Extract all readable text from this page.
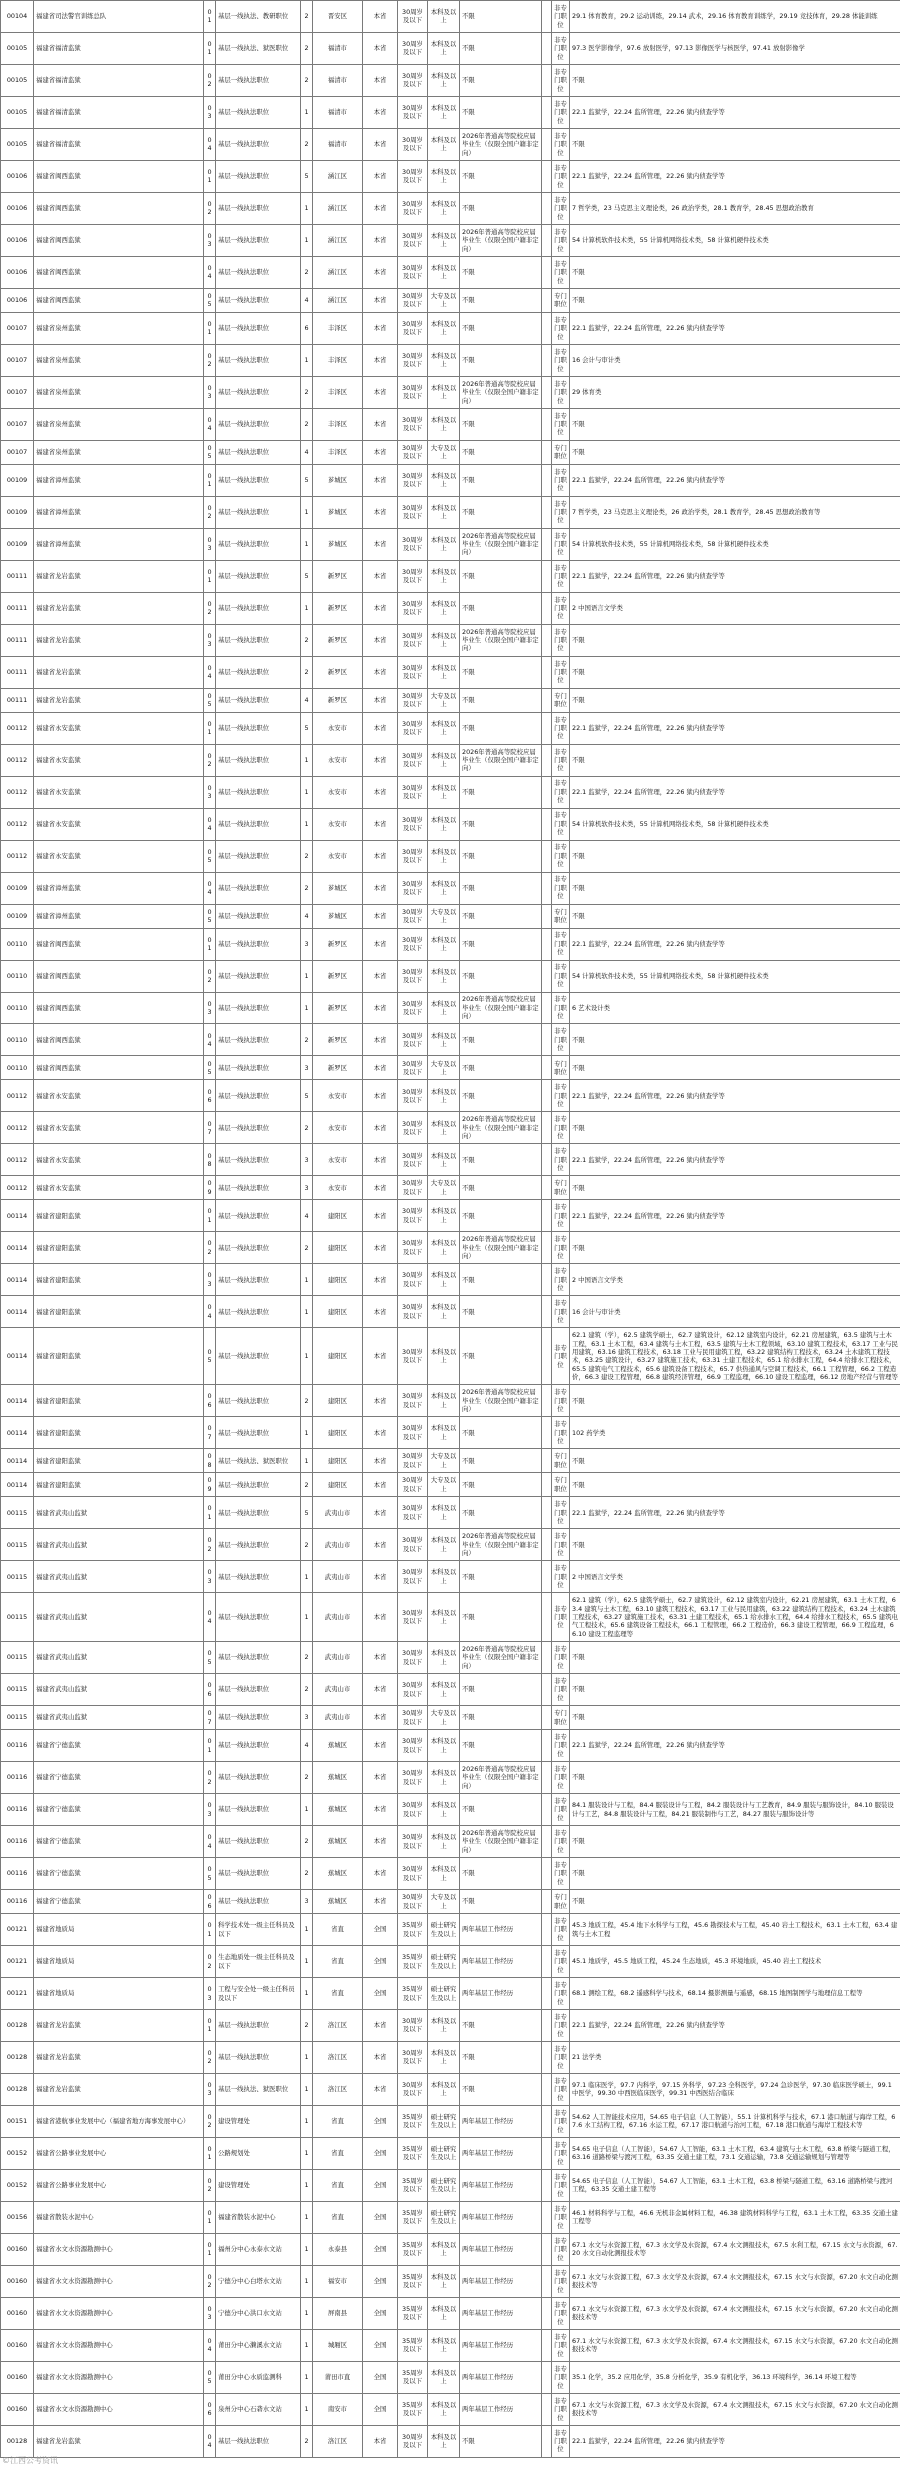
00104	福建省司法警官训练总队	01	基层一线执法、教研职位	2	晋安区	本省	30周岁及以下	本科及以上	不限		非专门职位	29.1 体育教育，29.2 运动训练，29.14 武术，29.16 体育教育训练学，29.19 竞技体育，29.28 体能训练
00105	福建省福清监狱	01	基层一线执法、狱医职位	2	福清市	本省	30周岁及以下	本科及以上	不限		非专门职位	97.3 医学影像学，97.6 放射医学，97.13 影像医学与核医学，97.41 放射影像学
00105	福建省福清监狱	02	基层一线执法职位	2	福清市	本省	30周岁及以下	本科及以上	不限		非专门职位	不限
00105	福建省福清监狱	03	基层一线执法职位	1	福清市	本省	30周岁及以下	本科及以上	不限		非专门职位	22.1 监狱学，22.24 监所管理，22.26 狱内侦查学等
00105	福建省福清监狱	04	基层一线执法职位	2	福清市	本省	30周岁及以下	本科及以上	2026年普通高等院校应届毕业生（仅限全国户籍非定向）		非专门职位	不限
00106	福建省闽西监狱	01	基层一线执法职位	5	涵江区	本省	30周岁及以下	本科及以上	不限		非专门职位	22.1 监狱学，22.24 监所管理，22.26 狱内侦查学等
00106	福建省闽西监狱	02	基层一线执法职位	1	涵江区	本省	30周岁及以下	本科及以上	不限		非专门职位	7 哲学类，23 马克思主义理论类，26 政治学类，28.1 教育学，28.45 思想政治教育
00106	福建省闽西监狱	03	基层一线执法职位	1	涵江区	本省	30周岁及以下	本科及以上	2026年普通高等院校应届毕业生（仅限全国户籍非定向）		非专门职位	54 计算机软件技术类，55 计算机网络技术类，58 计算机硬件技术类
00106	福建省闽西监狱	04	基层一线执法职位	2	涵江区	本省	30周岁及以下	本科及以上	不限		非专门职位	不限
00106	福建省闽西监狱	05	基层一线执法职位	4	涵江区	本省	30周岁及以下	大专及以上	不限		专门职位	不限
00107	福建省泉州监狱	01	基层一线执法职位	6	丰泽区	本省	30周岁及以下	本科及以上	不限		非专门职位	22.1 监狱学，22.24 监所管理，22.26 狱内侦查学等
00107	福建省泉州监狱	02	基层一线执法职位	1	丰泽区	本省	30周岁及以下	本科及以上	不限		非专门职位	16 会计与审计类
00107	福建省泉州监狱	03	基层一线执法职位	2	丰泽区	本省	30周岁及以下	本科及以上	2026年普通高等院校应届毕业生（仅限全国户籍非定向）		非专门职位	29 体育类
00107	福建省泉州监狱	04	基层一线执法职位	2	丰泽区	本省	30周岁及以下	本科及以上	不限		非专门职位	不限
00107	福建省泉州监狱	05	基层一线执法职位	4	丰泽区	本省	30周岁及以下	大专及以上	不限		专门职位	不限
00109	福建省漳州监狱	01	基层一线执法职位	5	芗城区	本省	30周岁及以下	本科及以上	不限		非专门职位	22.1 监狱学，22.24 监所管理，22.26 狱内侦查学等
00109	福建省漳州监狱	02	基层一线执法职位	1	芗城区	本省	30周岁及以下	本科及以上	不限		非专门职位	7 哲学类，23 马克思主义理论类，26 政治学类，28.1 教育学，28.45 思想政治教育等
00109	福建省漳州监狱	03	基层一线执法职位	1	芗城区	本省	30周岁及以下	本科及以上	2026年普通高等院校应届毕业生（仅限全国户籍非定向）		非专门职位	54 计算机软件技术类，55 计算机网络技术类，58 计算机硬件技术类
00111	福建省龙岩监狱	01	基层一线执法职位	5	新罗区	本省	30周岁及以下	本科及以上	不限		非专门职位	22.1 监狱学，22.24 监所管理，22.26 狱内侦查学等
00111	福建省龙岩监狱	02	基层一线执法职位	1	新罗区	本省	30周岁及以下	本科及以上	不限		非专门职位	2 中国语言文学类
00111	福建省龙岩监狱	03	基层一线执法职位	2	新罗区	本省	30周岁及以下	本科及以上	2026年普通高等院校应届毕业生（仅限全国户籍非定向）		非专门职位	不限
00111	福建省龙岩监狱	04	基层一线执法职位	2	新罗区	本省	30周岁及以下	本科及以上	不限		非专门职位	不限
00111	福建省龙岩监狱	05	基层一线执法职位	4	新罗区	本省	30周岁及以下	大专及以上	不限		专门职位	不限
00112	福建省永安监狱	01	基层一线执法职位	5	永安市	本省	30周岁及以下	本科及以上	不限		非专门职位	22.1 监狱学，22.24 监所管理，22.26 狱内侦查学等
00112	福建省永安监狱	02	基层一线执法职位	1	永安市	本省	30周岁及以下	本科及以上	2026年普通高等院校应届毕业生（仅限全国户籍非定向）		非专门职位	不限
00112	福建省永安监狱	03	基层一线执法职位	1	永安市	本省	30周岁及以下	本科及以上	不限		非专门职位	22.1 监狱学，22.24 监所管理，22.26 狱内侦查学等
00112	福建省永安监狱	04	基层一线执法职位	1	永安市	本省	30周岁及以下	本科及以上	不限		非专门职位	54 计算机软件技术类，55 计算机网络技术类，58 计算机硬件技术类
00112	福建省永安监狱	05	基层一线执法职位	2	永安市	本省	30周岁及以下	本科及以上	不限		非专门职位	不限
00109	福建省漳州监狱	04	基层一线执法职位	2	芗城区	本省	30周岁及以下	本科及以上	不限		非专门职位	不限
00109	福建省漳州监狱	05	基层一线执法职位	4	芗城区	本省	30周岁及以下	大专及以上	不限		专门职位	不限
00110	福建省闽西监狱	01	基层一线执法职位	3	新罗区	本省	30周岁及以下	本科及以上	不限		非专门职位	22.1 监狱学，22.24 监所管理，22.26 狱内侦查学等
00110	福建省闽西监狱	02	基层一线执法职位	1	新罗区	本省	30周岁及以下	本科及以上	不限		非专门职位	54 计算机软件技术类，55 计算机网络技术类，58 计算机硬件技术类
00110	福建省闽西监狱	03	基层一线执法职位	1	新罗区	本省	30周岁及以下	本科及以上	2026年普通高等院校应届毕业生（仅限全国户籍非定向）		非专门职位	6 艺术设计类
00110	福建省闽西监狱	04	基层一线执法职位	2	新罗区	本省	30周岁及以下	本科及以上	不限		非专门职位	不限
00110	福建省闽西监狱	05	基层一线执法职位	3	新罗区	本省	30周岁及以下	大专及以上	不限		专门职位	不限
00112	福建省永安监狱	06	基层一线执法职位	5	永安市	本省	30周岁及以下	本科及以上	不限		非专门职位	22.1 监狱学，22.24 监所管理，22.26 狱内侦查学等
00112	福建省永安监狱	07	基层一线执法职位	2	永安市	本省	30周岁及以下	本科及以上	2026年普通高等院校应届毕业生（仅限全国户籍非定向）		非专门职位	不限
00112	福建省永安监狱	08	基层一线执法职位	3	永安市	本省	30周岁及以下	本科及以上	不限		非专门职位	22.1 监狱学，22.24 监所管理，22.26 狱内侦查学等
00112	福建省永安监狱	09	基层一线执法职位	3	永安市	本省	30周岁及以下	大专及以上	不限		专门职位	不限
00114	福建省建阳监狱	01	基层一线执法职位	4	建阳区	本省	30周岁及以下	本科及以上	不限		非专门职位	22.1 监狱学，22.24 监所管理，22.26 狱内侦查学等
00114	福建省建阳监狱	02	基层一线执法职位	2	建阳区	本省	30周岁及以下	本科及以上	2026年普通高等院校应届毕业生（仅限全国户籍非定向）		非专门职位	不限
00114	福建省建阳监狱	03	基层一线执法职位	1	建阳区	本省	30周岁及以下	本科及以上	不限		非专门职位	2 中国语言文学类
00114	福建省建阳监狱	04	基层一线执法职位	1	建阳区	本省	30周岁及以下	本科及以上	不限		非专门职位	16 会计与审计类
00114	福建省建阳监狱	05	基层一线执法职位	1	建阳区	本省	30周岁及以下	本科及以上	不限		非专门职位	62.1 建筑（学），62.5 建筑学硕士，62.7 建筑设计，62.12 建筑室内设计，62.21 房屋建筑，63.5 建筑与土木工程，63.1 土木工程，63.4 建筑与土木工程，63.5 建筑与土木工程领域，63.10 建筑工程技术，63.17 工业与民用建筑，63.16 建筑工程技术，63.18 工业与民用建筑工程，63.22 建筑结构工程技术，63.24 土木建筑工程技术，63.25 建筑设计，63.27 建筑施工技术，63.31 土建工程技术，65.1 给水排水工程，64.4 给排水工程技术，65.5 建筑电气工程技术，65.6 建筑设备工程技术，65.7 供热通风与空调工程技术，66.1 工程管理，66.2 工程造价，66.3 建设工程管理，66.8 建筑经济管理，66.9 工程监理，66.10 建设工程监理，66.12 房地产经营与管理等
00114	福建省建阳监狱	06	基层一线执法职位	2	建阳区	本省	30周岁及以下	本科及以上	2026年普通高等院校应届毕业生（仅限全国户籍非定向）		非专门职位	不限
00114	福建省建阳监狱	07	基层一线执法职位	1	建阳区	本省	30周岁及以下	本科及以上	不限		非专门职位	102 药学类
00114	福建省建阳监狱	08	基层一线执法、狱医职位	1	建阳区	本省	30周岁及以下	大专及以上	不限		专门职位	不限
00114	福建省建阳监狱	09	基层一线执法职位	2	建阳区	本省	30周岁及以下	大专及以上	不限		专门职位	不限
00115	福建省武夷山监狱	01	基层一线执法职位	5	武夷山市	本省	30周岁及以下	本科及以上	不限		非专门职位	22.1 监狱学，22.24 监所管理，22.26 狱内侦查学等
00115	福建省武夷山监狱	02	基层一线执法职位	2	武夷山市	本省	30周岁及以下	本科及以上	2026年普通高等院校应届毕业生（仅限全国户籍非定向）		非专门职位	不限
00115	福建省武夷山监狱	03	基层一线执法职位	1	武夷山市	本省	30周岁及以下	本科及以上	不限		非专门职位	2 中国语言文学类
00115	福建省武夷山监狱	04	基层一线执法职位	1	武夷山市	本省	30周岁及以下	本科及以上	不限		非专门职位	62.1 建筑（学），62.5 建筑学硕士，62.7 建筑设计，62.12 建筑室内设计，62.21 房屋建筑，63.1 土木工程，63.4 建筑与土木工程，63.10 建筑工程技术，63.17 工业与民用建筑，63.22 建筑结构工程技术，63.24 土木建筑工程技术，63.27 建筑施工技术，63.31 土建工程技术，65.1 给水排水工程，64.4 给排水工程技术，65.5 建筑电气工程技术，65.6 建筑设备工程技术，66.1 工程管理，66.2 工程造价，66.3 建设工程管理，66.9 工程监理，66.10 建设工程监理等
00115	福建省武夷山监狱	05	基层一线执法职位	2	武夷山市	本省	30周岁及以下	本科及以上	2026年普通高等院校应届毕业生（仅限全国户籍非定向）		非专门职位	不限
00115	福建省武夷山监狱	06	基层一线执法职位	2	武夷山市	本省	30周岁及以下	本科及以上	不限		非专门职位	不限
00115	福建省武夷山监狱	07	基层一线执法职位	3	武夷山市	本省	30周岁及以下	大专及以上	不限		专门职位	不限
00116	福建省宁德监狱	01	基层一线执法职位	4	蕉城区	本省	30周岁及以下	本科及以上	不限		非专门职位	22.1 监狱学，22.24 监所管理，22.26 狱内侦查学等
00116	福建省宁德监狱	02	基层一线执法职位	2	蕉城区	本省	30周岁及以下	本科及以上	2026年普通高等院校应届毕业生（仅限全国户籍非定向）		非专门职位	不限
00116	福建省宁德监狱	03	基层一线执法职位	1	蕉城区	本省	30周岁及以下	本科及以上	不限		非专门职位	84.1 服装设计与工程，84.4 服装设计与工程，84.2 服装设计与工艺教育，84.9 服装与服饰设计，84.10 服装设计与工艺，84.8 服装设计与工程，84.21 服装制作与工艺，84.27 服装与服饰设计等
00116	福建省宁德监狱	04	基层一线执法职位	2	蕉城区	本省	30周岁及以下	本科及以上	2026年普通高等院校应届毕业生（仅限全国户籍非定向）		非专门职位	不限
00116	福建省宁德监狱	05	基层一线执法职位	2	蕉城区	本省	30周岁及以下	本科及以上	不限		非专门职位	不限
00116	福建省宁德监狱	06	基层一线执法职位	3	蕉城区	本省	30周岁及以下	大专及以上	不限		专门职位	不限
00121	福建省地质局	01	科学技术处一级主任科员及以下	1	省直	全国	35周岁及以下	硕士研究生及以上	两年基层工作经历		非专门职位	45.3 地质工程，45.4 地下水科学与工程，45.6 勘探技术与工程，45.40 岩土工程技术，63.1 土木工程，63.4 建筑与土木工程
00121	福建省地质局	02	生态地质处一级主任科员及以下	1	省直	全国	35周岁及以下	硕士研究生及以上	两年基层工作经历		非专门职位	45.1 地质学，45.5 地质工程，45.24 生态地质，45.3 环境地质，45.40 岩土工程技术
00121	福建省地质局	03	工程与安全处一级主任科员及以下	1	省直	全国	35周岁及以下	硕士研究生及以上	两年基层工作经历		非专门职位	68.1 测绘工程，68.2 遥感科学与技术，68.14 摄影测量与遥感，68.15 地图制图学与地理信息工程等
00128	福建省龙岩监狱	01	基层一线执法职位	2	洛江区	本省	30周岁及以下	本科及以上	不限		非专门职位	22.1 监狱学，22.24 监所管理，22.26 狱内侦查学等
00128	福建省龙岩监狱	02	基层一线执法职位	1	洛江区	本省	30周岁及以下	本科及以上	不限		非专门职位	21 法学类
00128	福建省龙岩监狱	03	基层一线执法、狱医职位	1	洛江区	本省	30周岁及以下	本科及以上	不限		非专门职位	97.1 临床医学，97.7 内科学，97.15 外科学，97.23 全科医学，97.24 急诊医学，97.30 临床医学硕士，99.1 中医学，99.30 中西医临床医学，99.31 中西医结合临床
00151	福建省港航事业发展中心（福建省地方海事发展中心）	02	建设管理处	1	省直	全国	35周岁及以下	硕士研究生及以上	两年基层工作经历		非专门职位	54.62 人工智能技术应用，54.65 电子信息（人工智能），55.1 计算机科学与技术，67.1 港口航道与海岸工程，67.6 水工结构工程，67.16 水运工程，67.17 港口航道与治河工程，67.18 港口航道与海岸工程技术等
00152	福建省公路事业发展中心	01	公路规划处	1	省直	全国	35周岁及以下	硕士研究生及以上	两年基层工作经历		非专门职位	54.65 电子信息（人工智能），54.67 人工智能，63.1 土木工程，63.4 建筑与土木工程，63.8 桥梁与隧道工程，63.16 道路桥梁与渡河工程，63.35 交通土建工程，73.1 交通运输，73.8 交通运输规划与管理等
00152	福建省公路事业发展中心	02	建设管理处	1	省直	全国	35周岁及以下	硕士研究生及以上	两年基层工作经历		非专门职位	54.65 电子信息（人工智能），54.67 人工智能，63.1 土木工程，63.8 桥梁与隧道工程，63.16 道路桥梁与渡河工程，63.35 交通土建工程等
00156	福建省散装水泥中心	01	福建省散装水泥中心	1	省直	全国	35周岁及以下	硕士研究生及以上	两年基层工作经历		非专门职位	46.1 材料科学与工程，46.6 无机非金属材料工程，46.38 建筑材料科学与工程，63.1 土木工程，63.35 交通土建工程等
00160	福建省水文水资源勘测中心	01	福州分中心永泰水文站	1	永泰县	全国	35周岁及以下	本科及以上	两年基层工作经历		非专门职位	67.1 水文与水资源工程，67.3 水文学及水资源，67.4 水文测报技术，67.5 水利工程，67.15 水文与水资源，67.20 水文自动化测报技术等
00160	福建省水文水资源勘测中心	02	宁德分中心白塔水文站	1	福安市	全国	35周岁及以下	本科及以上	两年基层工作经历		非专门职位	67.1 水文与水资源工程，67.3 水文学及水资源，67.4 水文测报技术，67.15 水文与水资源，67.20 水文自动化测报技术等
00160	福建省水文水资源勘测中心	03	宁德分中心洪口水文站	1	屏南县	全国	35周岁及以下	本科及以上	两年基层工作经历		非专门职位	67.1 水文与水资源工程，67.3 水文学及水资源，67.4 水文测报技术，67.15 水文与水资源，67.20 水文自动化测报技术等
00160	福建省水文水资源勘测中心	04	莆田分中心濑溪水文站	1	城厢区	全国	35周岁及以下	本科及以上	两年基层工作经历		非专门职位	67.1 水文与水资源工程，67.3 水文学及水资源，67.4 水文测报技术，67.15 水文与水资源，67.20 水文自动化测报技术等
00160	福建省水文水资源勘测中心	05	莆田分中心水质监测科	1	莆田市直	全国	35周岁及以下	本科及以上	两年基层工作经历		非专门职位	35.1 化学，35.2 应用化学，35.8 分析化学，35.9 有机化学，36.13 环境科学，36.14 环境工程等
00160	福建省水文水资源勘测中心	06	泉州分中心石砻水文站	1	南安市	全国	35周岁及以下	本科及以上	两年基层工作经历		非专门职位	67.1 水文与水资源工程，67.3 水文学及水资源，67.4 水文测报技术，67.15 水文与水资源，67.20 水文自动化测报技术等
00128	福建省龙岩监狱	04	基层一线执法职位	2	洛江区	本省	30周岁及以下	本科及以上	不限		非专门职位	22.1 监狱学，22.24 监所管理，22.26 狱内侦查学等
©江西公考资讯
